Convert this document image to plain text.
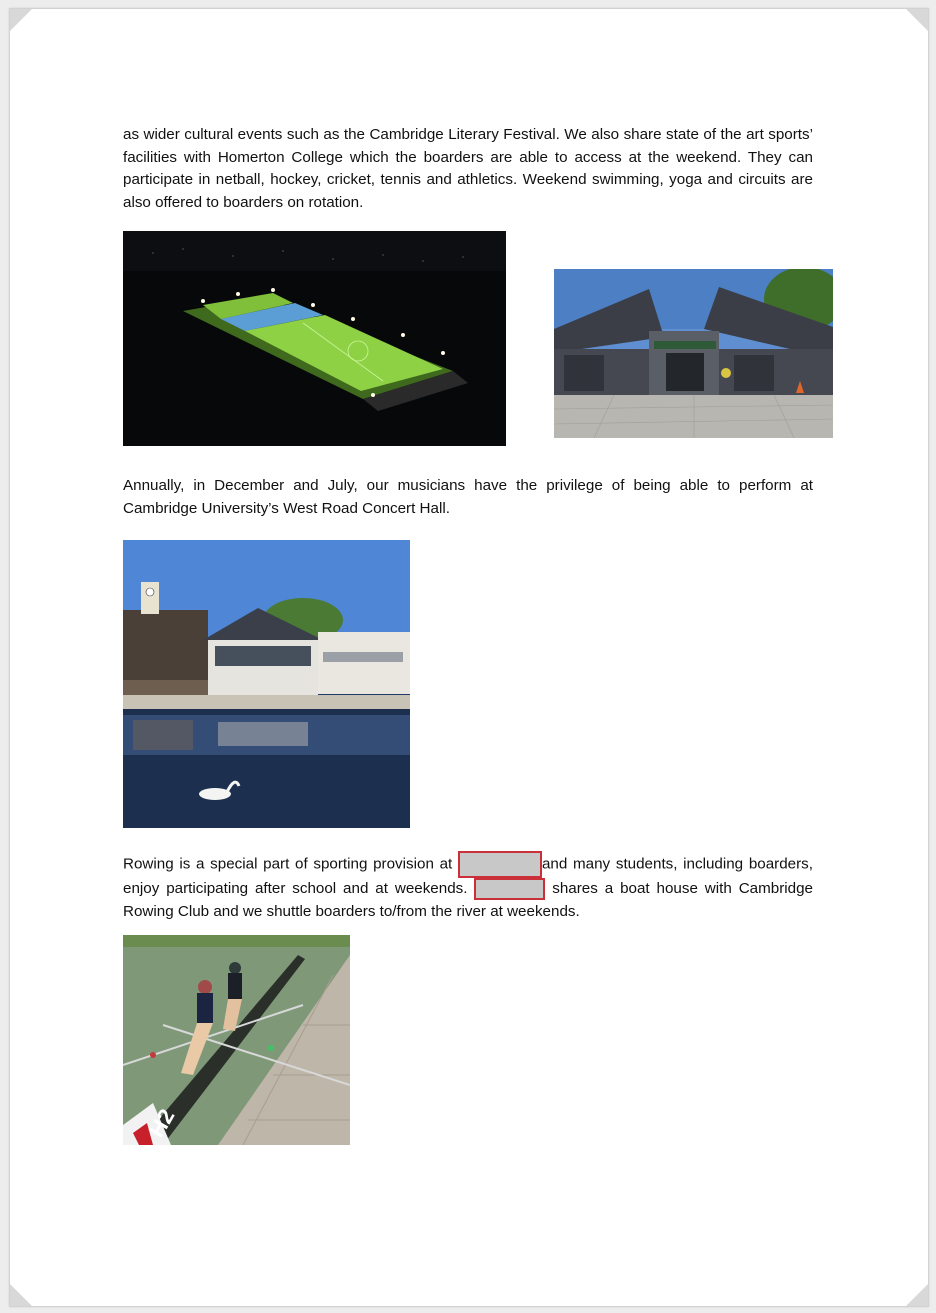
as wider cultural events such as the Cambridge Literary Festival. We also share state of the art sports’ facilities with Homerton College which the boarders are able to access at the weekend. They can participate in netball, hockey, cricket, tennis and athletics. Weekend swimming, yoga and circuits are also offered to boarders on rotation.

Annually, in December and July, our musicians have the privilege of being able to perform at Cambridge University’s West Road Concert Hall.

Rowing is a special part of sporting provision at	and many students, including boarders, enjoy participating after school and at weekends.	shares a boat house with Cambridge Rowing Club and we shuttle boarders to/from the river at weekends.
H2
